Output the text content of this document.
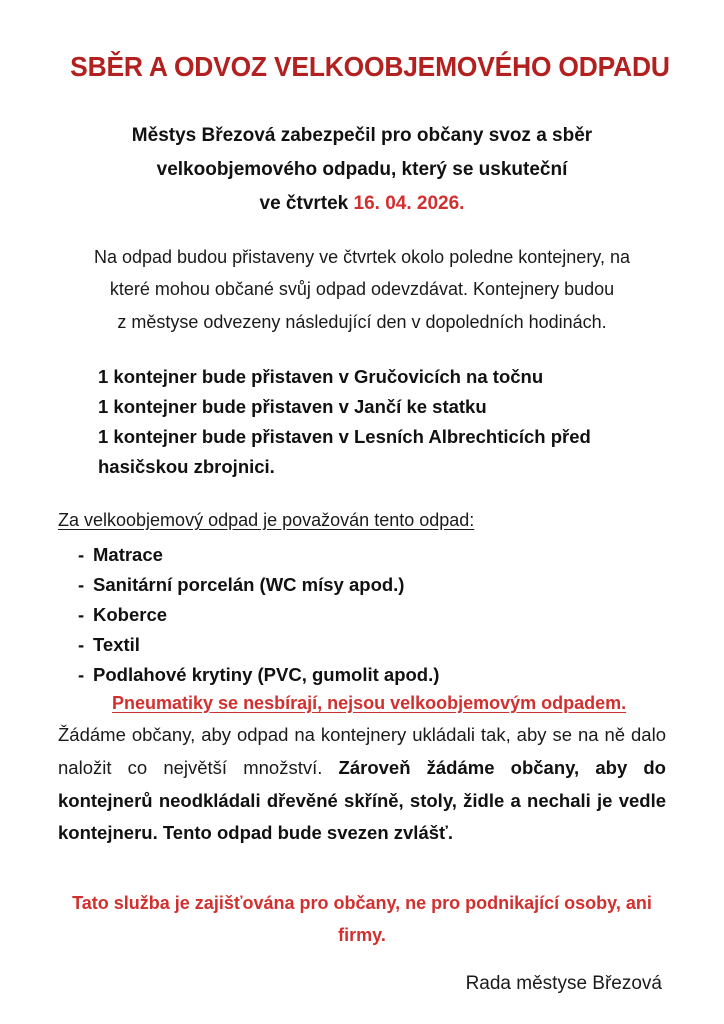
SBĚR A ODVOZ VELKOOBJEMOVÉHO ODPADU

Městys Březová zabezpečil pro občany svoz a sběr
velkoobjemového odpadu, který se uskuteční
ve čtvrtek 16. 04. 2026.

Na odpad budou přistaveny ve čtvrtek okolo poledne kontejnery, na
které mohou občané svůj odpad odevzdávat. Kontejnery budou
z městyse odvezeny následující den v dopoledních hodinách.

1 kontejner bude přistaven v Gručovicích na točnu
1 kontejner bude přistaven v Jančí ke statku
1 kontejner bude přistaven v Lesních Albrechticích před hasičskou zbrojnici.

Za velkoobjemový odpad je považován tento odpad:

- Matrace
- Sanitární porcelán (WC mísy apod.)
- Koberce
- Textil
- Podlahové krytiny (PVC, gumolit apod.)

Pneumatiky se nesbírají, nejsou velkoobjemovým odpadem.

Žádáme občany, aby odpad na kontejnery ukládali tak, aby se na ně dalo naložit co největší množství. Zároveň žádáme občany, aby do kontejnerů neodkládali dřevěné skříně, stoly, židle a nechali je vedle kontejneru. Tento odpad bude svezen zvlášť.

Tato služba je zajišťována pro občany, ne pro podnikající osoby, ani firmy.

Rada městyse Březová
